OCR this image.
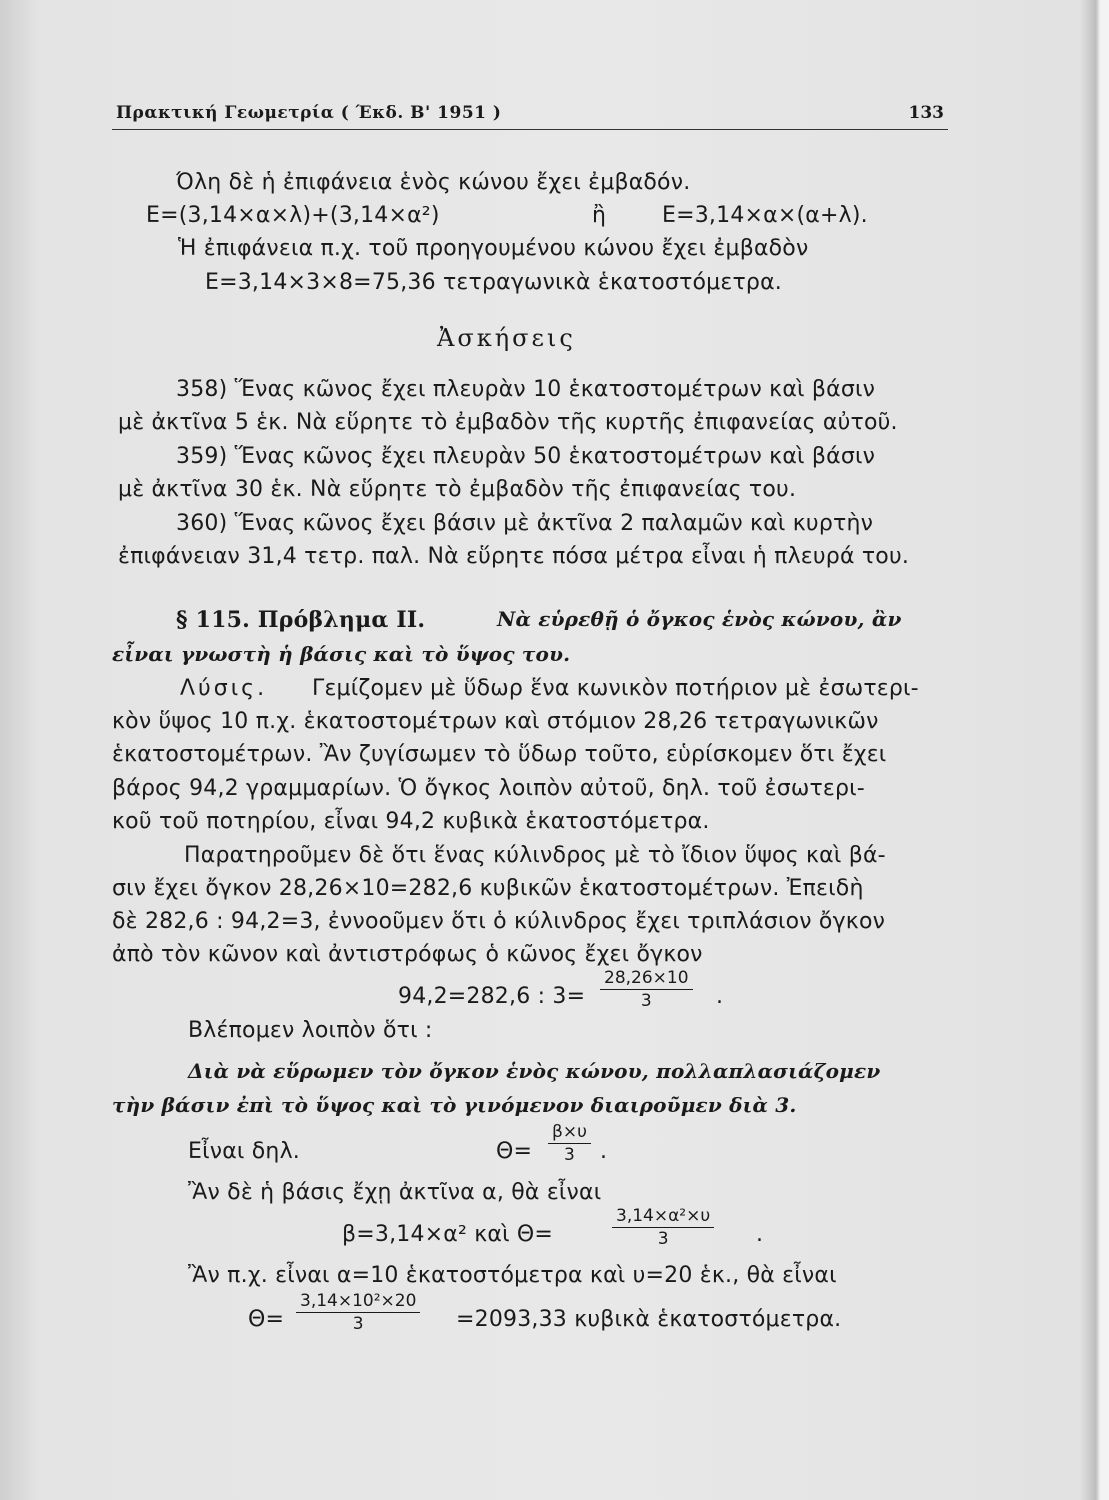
Πρακτική Γεωμετρία ( Έκδ. Β' 1951 )	133
Όλη δὲ ἡ ἐπιφάνεια ἑνὸς κώνου ἔχει ἐμβαδόν.
Ε=(3,14×α×λ)+(3,14×α²)	ἢ	Ε=3,14×α×(α+λ).
Ἡ ἐπιφάνεια π.χ. τοῦ προηγουμένου κώνου ἔχει ἐμβαδὸν
Ε=3,14×3×8=75,36 τετραγωνικὰ ἑκατοστόμετρα.
Ἀσκήσεις
358) Ἕνας κῶνος ἔχει πλευρὰν 10 ἑκατοστομέτρων καὶ βάσιν
μὲ ἀκτῖνα 5 ἑκ. Νὰ εὕρητε τὸ ἐμβαδὸν τῆς κυρτῆς ἐπιφανείας αὐτοῦ.
359) Ἕνας κῶνος ἔχει πλευρὰν 50 ἑκατοστομέτρων καὶ βάσιν
μὲ ἀκτῖνα 30 ἑκ. Νὰ εὕρητε τὸ ἐμβαδὸν τῆς ἐπιφανείας του.
360) Ἕνας κῶνος ἔχει βάσιν μὲ ἀκτῖνα 2 παλαμῶν καὶ κυρτὴν
ἐπιφάνειαν 31,4 τετρ. παλ. Νὰ εὕρητε πόσα μέτρα εἶναι ἡ πλευρά του.
§ 115. Πρόβλημα ΙΙ.	Νὰ εὑρεθῇ ὁ ὄγκος ἑνὸς κώνου, ἂν
εἶναι γνωστὴ ἡ βάσις καὶ τὸ ὕψος του.
Λύσις. Γεμίζομεν μὲ ὕδωρ ἕνα κωνικὸν ποτήριον μὲ ἐσωτερι-
κὸν ὕψος 10 π.χ. ἑκατοστομέτρων καὶ στόμιον 28,26 τετραγωνικῶν
ἑκατοστομέτρων. Ἂν ζυγίσωμεν τὸ ὕδωρ τοῦτο, εὑρίσκομεν ὅτι ἔχει
βάρος 94,2 γραμμαρίων. Ὁ ὄγκος λοιπὸν αὐτοῦ, δηλ. τοῦ ἐσωτερι-
κοῦ τοῦ ποτηρίου, εἶναι 94,2 κυβικὰ ἑκατοστόμετρα.
Παρατηροῦμεν δὲ ὅτι ἕνας κύλινδρος μὲ τὸ ἴδιον ὕψος καὶ βά-
σιν ἔχει ὄγκον 28,26×10=282,6 κυβικῶν ἑκατοστομέτρων. Ἐπειδὴ
δὲ 282,6 : 94,2=3, ἐννοοῦμεν ὅτι ὁ κύλινδρος ἔχει τριπλάσιον ὄγκον
ἀπὸ τὸν κῶνον καὶ ἀντιστρόφως ὁ κῶνος ἔχει ὄγκον
94,2=282,6 : $3= \frac{28,26\times 10}{3}$ .
Βλέπομεν λοιπὸν ὅτι :
Διὰ νὰ εὕρωμεν τὸν ὄγκον ἑνὸς κώνου, πολλαπλασιάζομεν
τὴν βάσιν ἐπὶ τὸ ὕψος καὶ τὸ γινόμενον διαιροῦμεν διὰ 3.
Εἶναι δηλ.	$\Theta= \frac{\beta\times\upsilon}{3}$ .
Ἂν δὲ ἡ βάσις ἔχῃ ἀκτῖνα α, θὰ εἶναι
β=3,14×α² καὶ Θ=	$\frac{\text{3,14×α²×υ}}{3}$ .
Ἂν π.χ. εἶναι α=10 ἑκατοστόμετρα καὶ υ=20 ἑκ., θὰ εἶναι
$\Theta= \frac{\text{3,14×10²×20}}{3} =2093,33$ κυβικὰ ἑκατοστόμετρα.
